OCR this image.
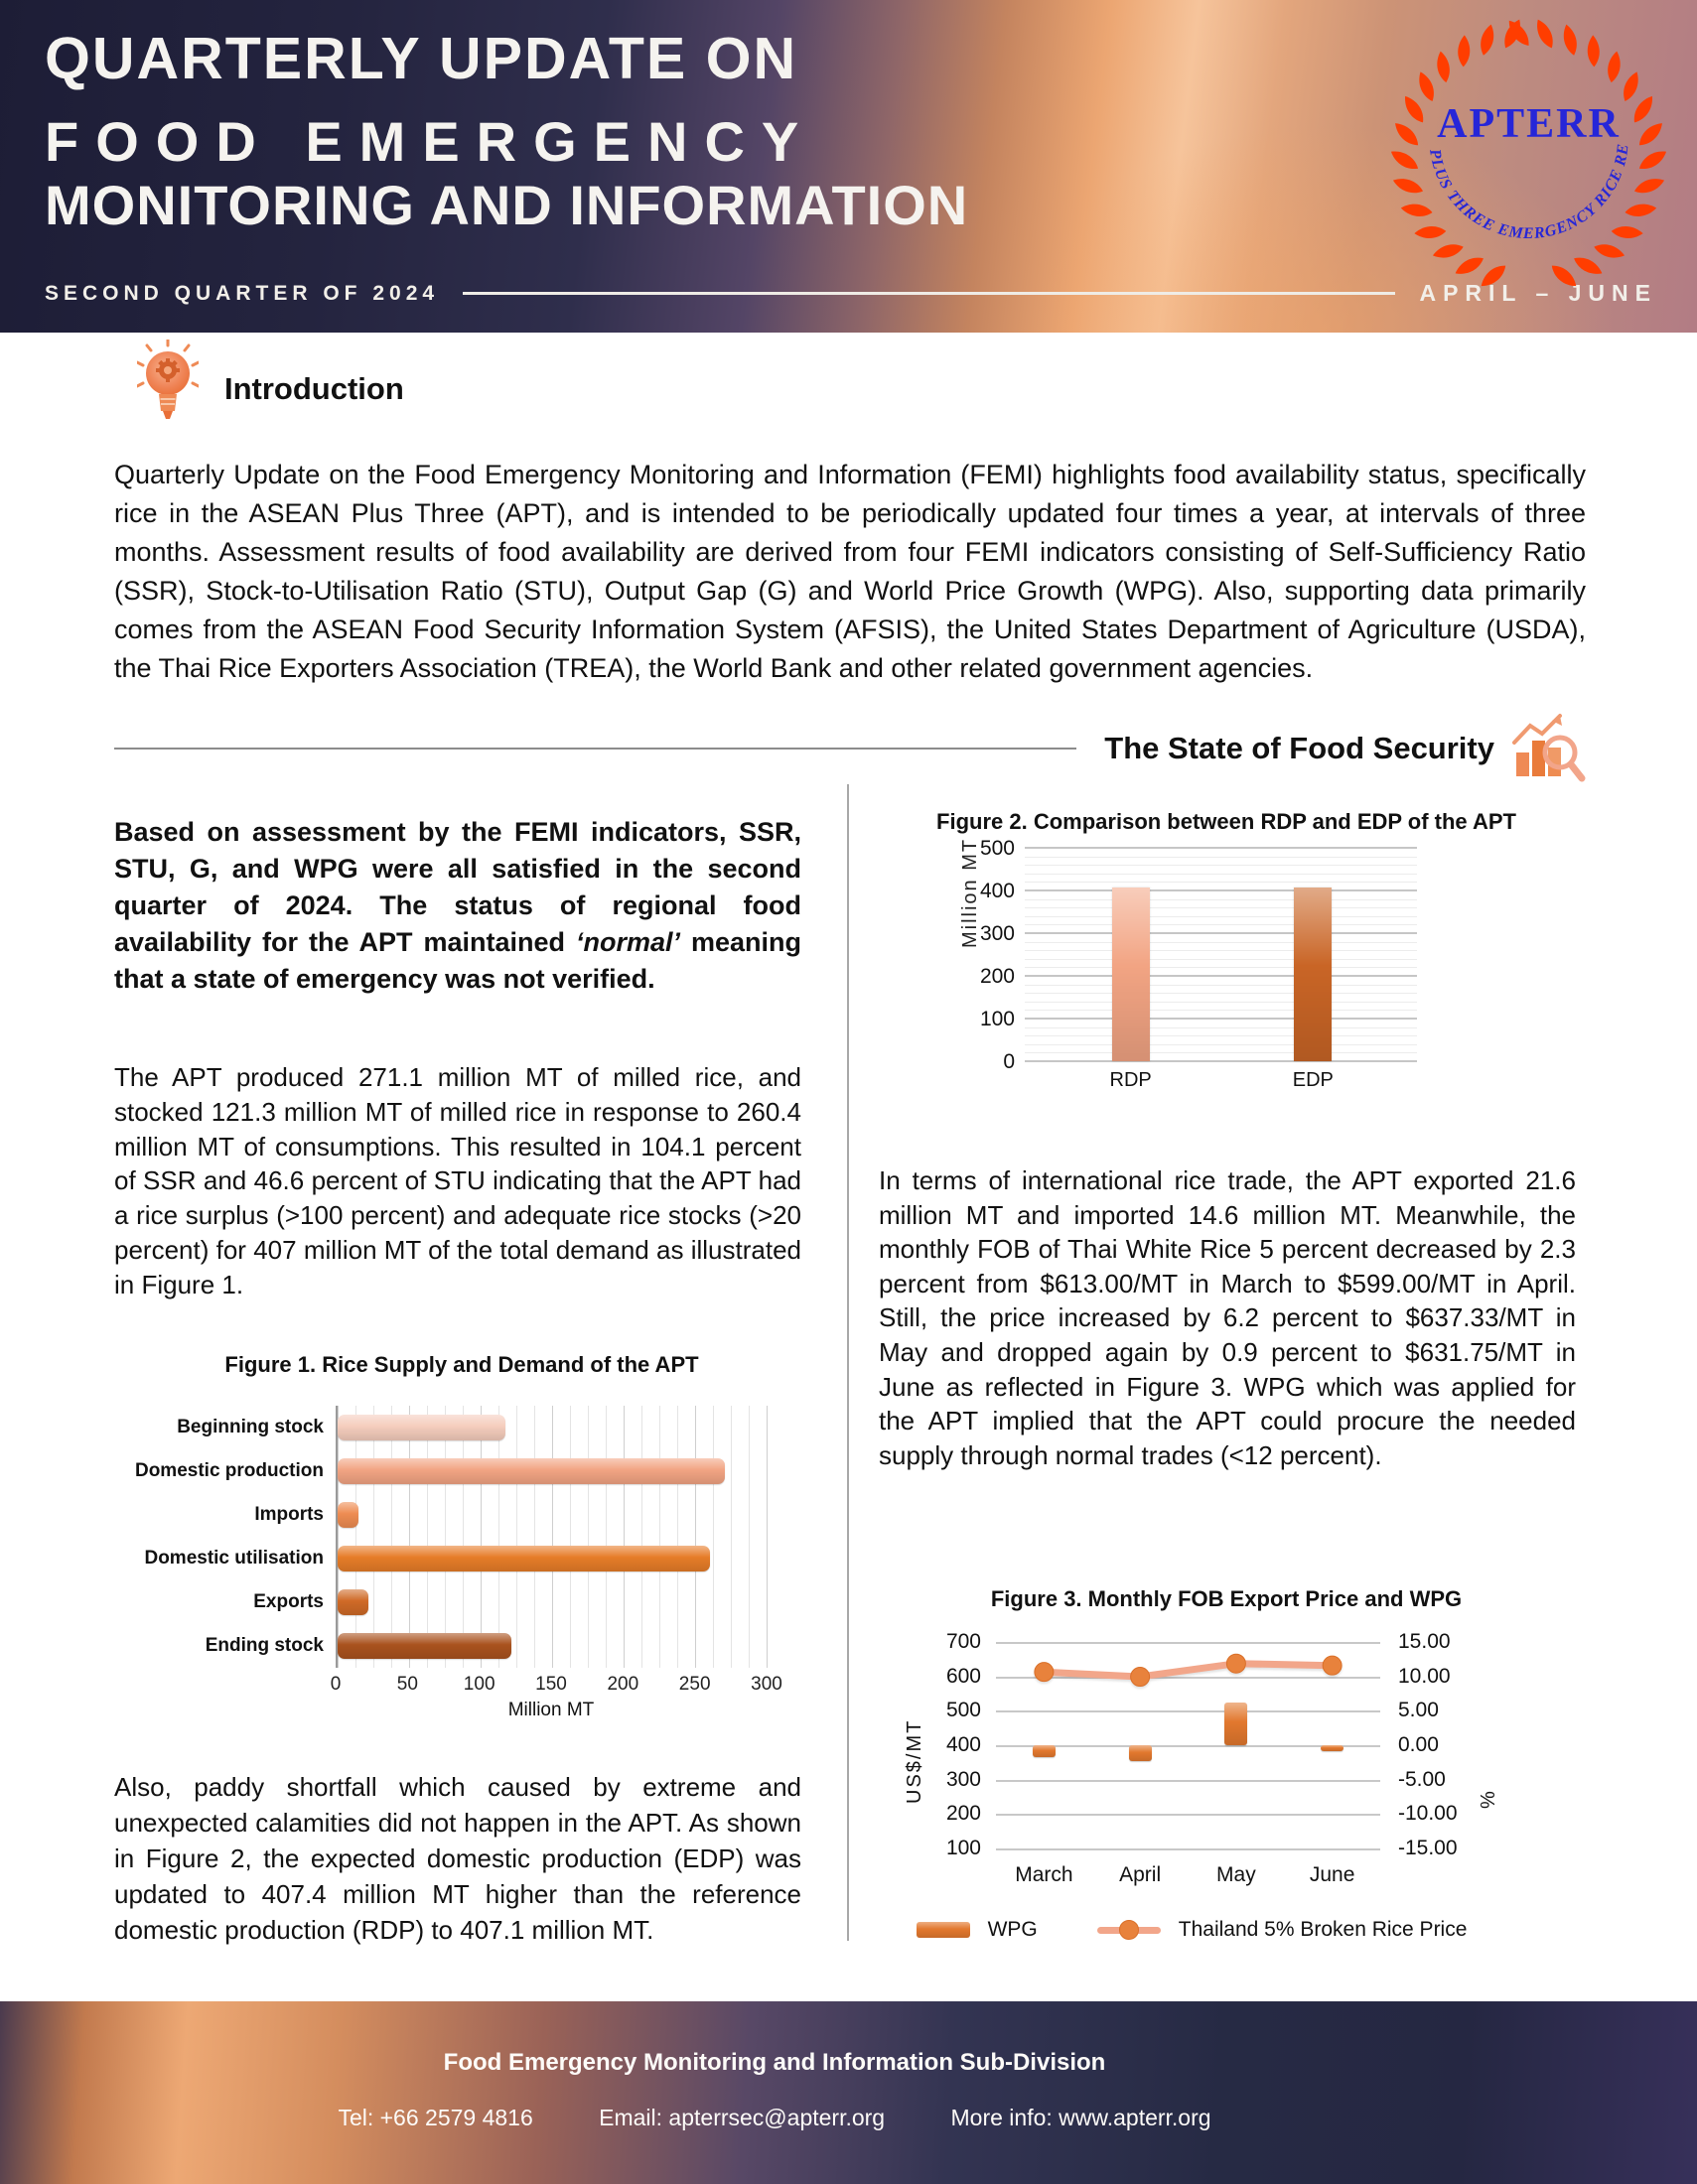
QUARTERLY UPDATE ON
FOOD EMERGENCY
MONITORING AND INFORMATION
SECOND QUARTER OF 2024	APRIL – JUNE
APTERR
ASEAN PLUS THREE EMERGENCY RICE RESERVE
Introduction

Quarterly Update on the Food Emergency Monitoring and Information (FEMI) highlights food availability status, specifically rice in the ASEAN Plus Three (APT), and is intended to be periodically updated four times a year, at intervals of three months. Assessment results of food availability are derived from four FEMI indicators consisting of Self-Sufficiency Ratio (SSR), Stock-to-Utilisation Ratio (STU), Output Gap (G) and World Price Growth (WPG). Also, supporting data primarily comes from the ASEAN Food Security Information System (AFSIS), the United States Department of Agriculture (USDA), the Thai Rice Exporters Association (TREA), the World Bank and other related government agencies.

The State of Food Security

Based on assessment by the FEMI indicators, SSR, STU, G, and WPG were all satisfied in the second quarter of 2024. The status of regional food availability for the APT maintained ‘normal’ meaning that a state of emergency was not verified.

The APT produced 271.1 million MT of milled rice, and stocked 121.3 million MT of milled rice in response to 260.4 million MT of consumptions. This resulted in 104.1 percent of SSR and 46.6 percent of STU indicating that the APT had a rice surplus (>100 percent) and adequate rice stocks (>20 percent) for 407 million MT of the total demand as illustrated in Figure 1.

Figure 1. Rice Supply and Demand of the APT
Beginning stock
Domestic production
Imports
Domestic utilisation
Exports
Ending stock
0	50 100 150 200 250 300
Million MT

Also, paddy shortfall which caused by extreme and unexpected calamities did not happen in the APT. As shown in Figure 2, the expected domestic production (EDP) was updated to 407.4 million MT higher than the reference domestic production (RDP) to 407.1 million MT.

Figure 2. Comparison between RDP and EDP of the APT
Million MT
0
100
200
300
400
500
RDP	EDP

In terms of international rice trade, the APT exported 21.6 million MT and imported 14.6 million MT. Meanwhile, the monthly FOB of Thai White Rice 5 percent decreased by 2.3 percent from $613.00/MT in March to $599.00/MT in April. Still, the price increased by 6.2 percent to $637.33/MT in May and dropped again by 0.9 percent to $631.75/MT in June as reflected in Figure 3. WPG which was applied for the APT implied that the APT could procure the needed supply through normal trades (<12 percent).

Figure 3. Monthly FOB Export Price and WPG
US$/MT	%
700
600
500
400
300
200
100
15.00
10.00
5.00
0.00
-5.00
-10.00
-15.00
March April	May	June
WPG	Thailand 5% Broken Rice Price
Food Emergency Monitoring and Information Sub-Division
Tel: +66 2579 4816	Email: apterrsec@apterr.org	More info: www.apterr.org
